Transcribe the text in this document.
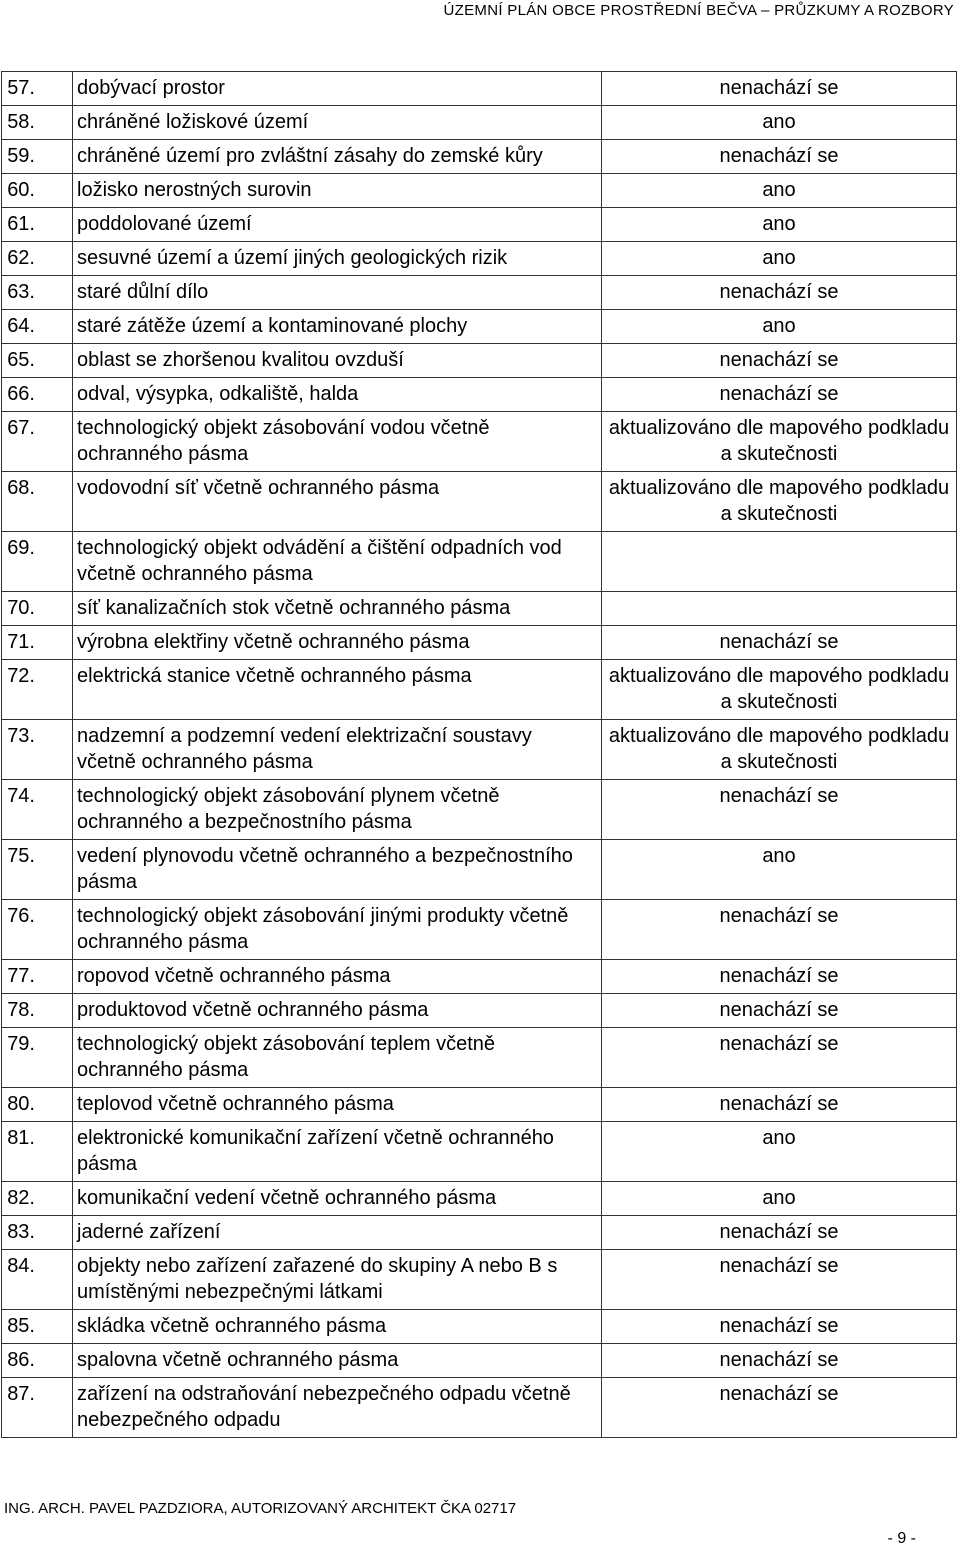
ÚZEMNÍ PLÁN OBCE PROSTŘEDNÍ BEČVA – PRŮZKUMY A ROZBORY
57.	dobývací prostor	nenachází se
58.	chráněné ložiskové území	ano
59.	chráněné území pro zvláštní zásahy do zemské kůry	nenachází se
60.	ložisko nerostných surovin	ano
61.	poddolované území	ano
62.	sesuvné území a území jiných geologických rizik	ano
63.	staré důlní dílo	nenachází se
64.	staré zátěže území a kontaminované plochy	ano
65.	oblast se zhoršenou kvalitou ovzduší	nenachází se
66.	odval, výsypka, odkaliště, halda	nenachází se
67.	technologický objekt zásobování vodou včetně ochranného pásma	aktualizováno dle mapového podkladu a skutečnosti
68.	vodovodní síť včetně ochranného pásma	aktualizováno dle mapového podkladu a skutečnosti
69.	technologický objekt odvádění a čištění odpadních vod včetně ochranného pásma	
70.	síť kanalizačních stok včetně ochranného pásma	
71.	výrobna elektřiny včetně ochranného pásma	nenachází se
72.	elektrická stanice včetně ochranného pásma	aktualizováno dle mapového podkladu a skutečnosti
73.	nadzemní a podzemní vedení elektrizační soustavy včetně ochranného pásma	aktualizováno dle mapového podkladu a skutečnosti
74.	technologický objekt zásobování plynem včetně ochranného a bezpečnostního pásma	nenachází se
75.	vedení plynovodu včetně ochranného a bezpečnostního pásma	ano
76.	technologický objekt zásobování jinými produkty včetně ochranného pásma	nenachází se
77.	ropovod včetně ochranného pásma	nenachází se
78.	produktovod včetně ochranného pásma	nenachází se
79.	technologický objekt zásobování teplem včetně ochranného pásma	nenachází se
80.	teplovod včetně ochranného pásma	nenachází se
81.	elektronické komunikační zařízení včetně ochranného pásma	ano
82.	komunikační vedení včetně ochranného pásma	ano
83.	jaderné zařízení	nenachází se
84.	objekty nebo zařízení zařazené do skupiny A nebo B s umístěnými nebezpečnými látkami	nenachází se
85.	skládka včetně ochranného pásma	nenachází se
86.	spalovna včetně ochranného pásma	nenachází se
87.	zařízení na odstraňování nebezpečného odpadu včetně nebezpečného odpadu	nenachází se
ING. ARCH. PAVEL PAZDZIORA, AUTORIZOVANÝ ARCHITEKT ČKA 02717
- 9 -
